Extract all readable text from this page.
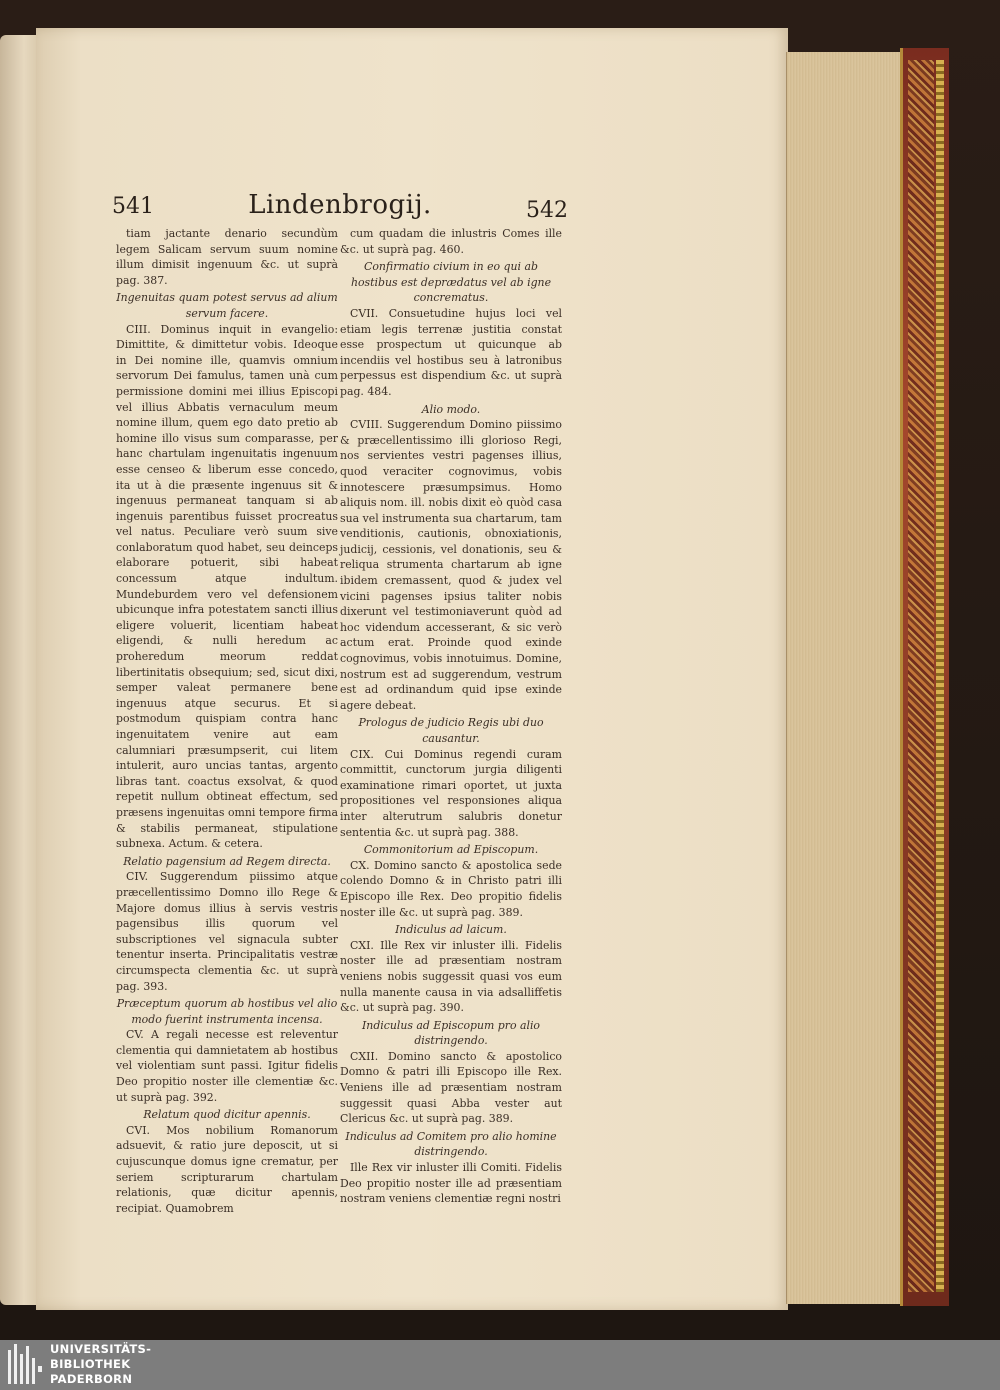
541	Lindenbrogij.	542

tiam jactante denario secundùm legem Salicam servum suum nomine illum dimisit ingenuum &c. ut suprà pag. 387.

Ingenuitas quam potest servus ad alium servum facere.

CIII. Dominus inquit in evangelio: Dimittite, & dimittetur vobis. Ideoque in Dei nomine ille, quamvis omnium servorum Dei famulus, tamen unà cum permissione domini mei illius Episcopi vel illius Abbatis vernaculum meum nomine illum, quem ego dato pretio ab homine illo visus sum comparasse, per hanc chartulam ingenuitatis ingenuum esse censeo & liberum esse concedo, ita ut à die præsente ingenuus sit & ingenuus permaneat tanquam si ab ingenuis parentibus fuisset procreatus vel natus. Peculiare verò suum sive conlaboratum quod habet, seu deinceps elaborare potuerit, sibi habeat concessum atque indultum. Mundeburdem vero vel defensionem ubicunque infra potestatem sancti illius eligere voluerit, licentiam habeat eligendi, & nulli heredum ac proheredum meorum reddat libertinitatis obsequium; sed, sicut dixi, semper valeat permanere bene ingenuus atque securus. Et si postmodum quispiam contra hanc ingenuitatem venire aut eam calumniari præsumpserit, cui litem intulerit, auro uncias tantas, argento libras tant. coactus exsolvat, & quod repetit nullum obtineat effectum, sed præsens ingenuitas omni tempore firma & stabilis permaneat, stipulatione subnexa. Actum. & cetera.

Relatio pagensium ad Regem directa.

CIV. Suggerendum piissimo atque præcellentissimo Domno illo Rege & Majore domus illius à servis vestris pagensibus illis quorum vel subscriptiones vel signacula subter tenentur inserta. Principalitatis vestræ circumspecta clementia &c. ut suprà pag. 393.

Præceptum quorum ab hostibus vel alio modo fuerint instrumenta incensa.

CV. A regali necesse est releventur clementia qui damnietatem ab hostibus vel violentiam sunt passi. Igitur fidelis Deo propitio noster ille clementiæ &c. ut suprà pag. 392.

Relatum quod dicitur apennis.

CVI. Mos nobilium Romanorum adsuevit, & ratio jure deposcit, ut si cujuscunque domus igne crematur, per seriem scripturarum chartulam relationis, quæ dicitur apennis, recipiat. Quamobrem

cum quadam die inlustris Comes ille &c. ut suprà pag. 460.

Confirmatio civium in eo qui ab hostibus est deprædatus vel ab igne concrematus.

CVII. Consuetudine hujus loci vel etiam legis terrenæ justitia constat esse prospectum ut quicunque ab incendiis vel hostibus seu à latronibus perpessus est dispendium &c. ut suprà pag. 484.

Alio modo.

CVIII. Suggerendum Domino piissimo & præcellentissimo illi glorioso Regi, nos servientes vestri pagenses illius, quod veraciter cognovimus, vobis innotescere præsumpsimus. Homo aliquis nom. ill. nobis dixit eò quòd casa sua vel instrumenta sua chartarum, tam venditionis, cautionis, obnoxiationis, judicij, cessionis, vel donationis, seu & reliqua strumenta chartarum ab igne ibidem cremassent, quod & judex vel vicini pagenses ipsius taliter nobis dixerunt vel testimoniaverunt quòd ad hoc videndum accesserant, & sic verò actum erat. Proinde quod exinde cognovimus, vobis innotuimus. Domine, nostrum est ad suggerendum, vestrum est ad ordinandum quid ipse exinde agere debeat.

Prologus de judicio Regis ubi duo causantur.

CIX. Cui Dominus regendi curam committit, cunctorum jurgia diligenti examinatione rimari oportet, ut juxta propositiones vel responsiones aliqua inter alterutrum salubris donetur sententia &c. ut suprà pag. 388.

Commonitorium ad Episcopum.

CX. Domino sancto & apostolica sede colendo Domno & in Christo patri illi Episcopo ille Rex. Deo propitio fidelis noster ille &c. ut suprà pag. 389.

Indiculus ad laicum.

CXI. Ille Rex vir inluster illi. Fidelis noster ille ad præsentiam nostram veniens nobis suggessit quasi vos eum nulla manente causa in via adsalliffetis &c. ut suprà pag. 390.

Indiculus ad Episcopum pro alio distringendo.

CXII. Domino sancto & apostolico Domno & patri illi Episcopo ille Rex. Veniens ille ad præsentiam nostram suggessit quasi Abba vester aut Clericus &c. ut suprà pag. 389.

Indiculus ad Comitem pro alio homine distringendo.

Ille Rex vir inluster illi Comiti. Fidelis Deo propitio noster ille ad præsentiam nostram veniens clementiæ regni nostri

UNIVERSITÄTS-
BIBLIOTHEK
PADERBORN
